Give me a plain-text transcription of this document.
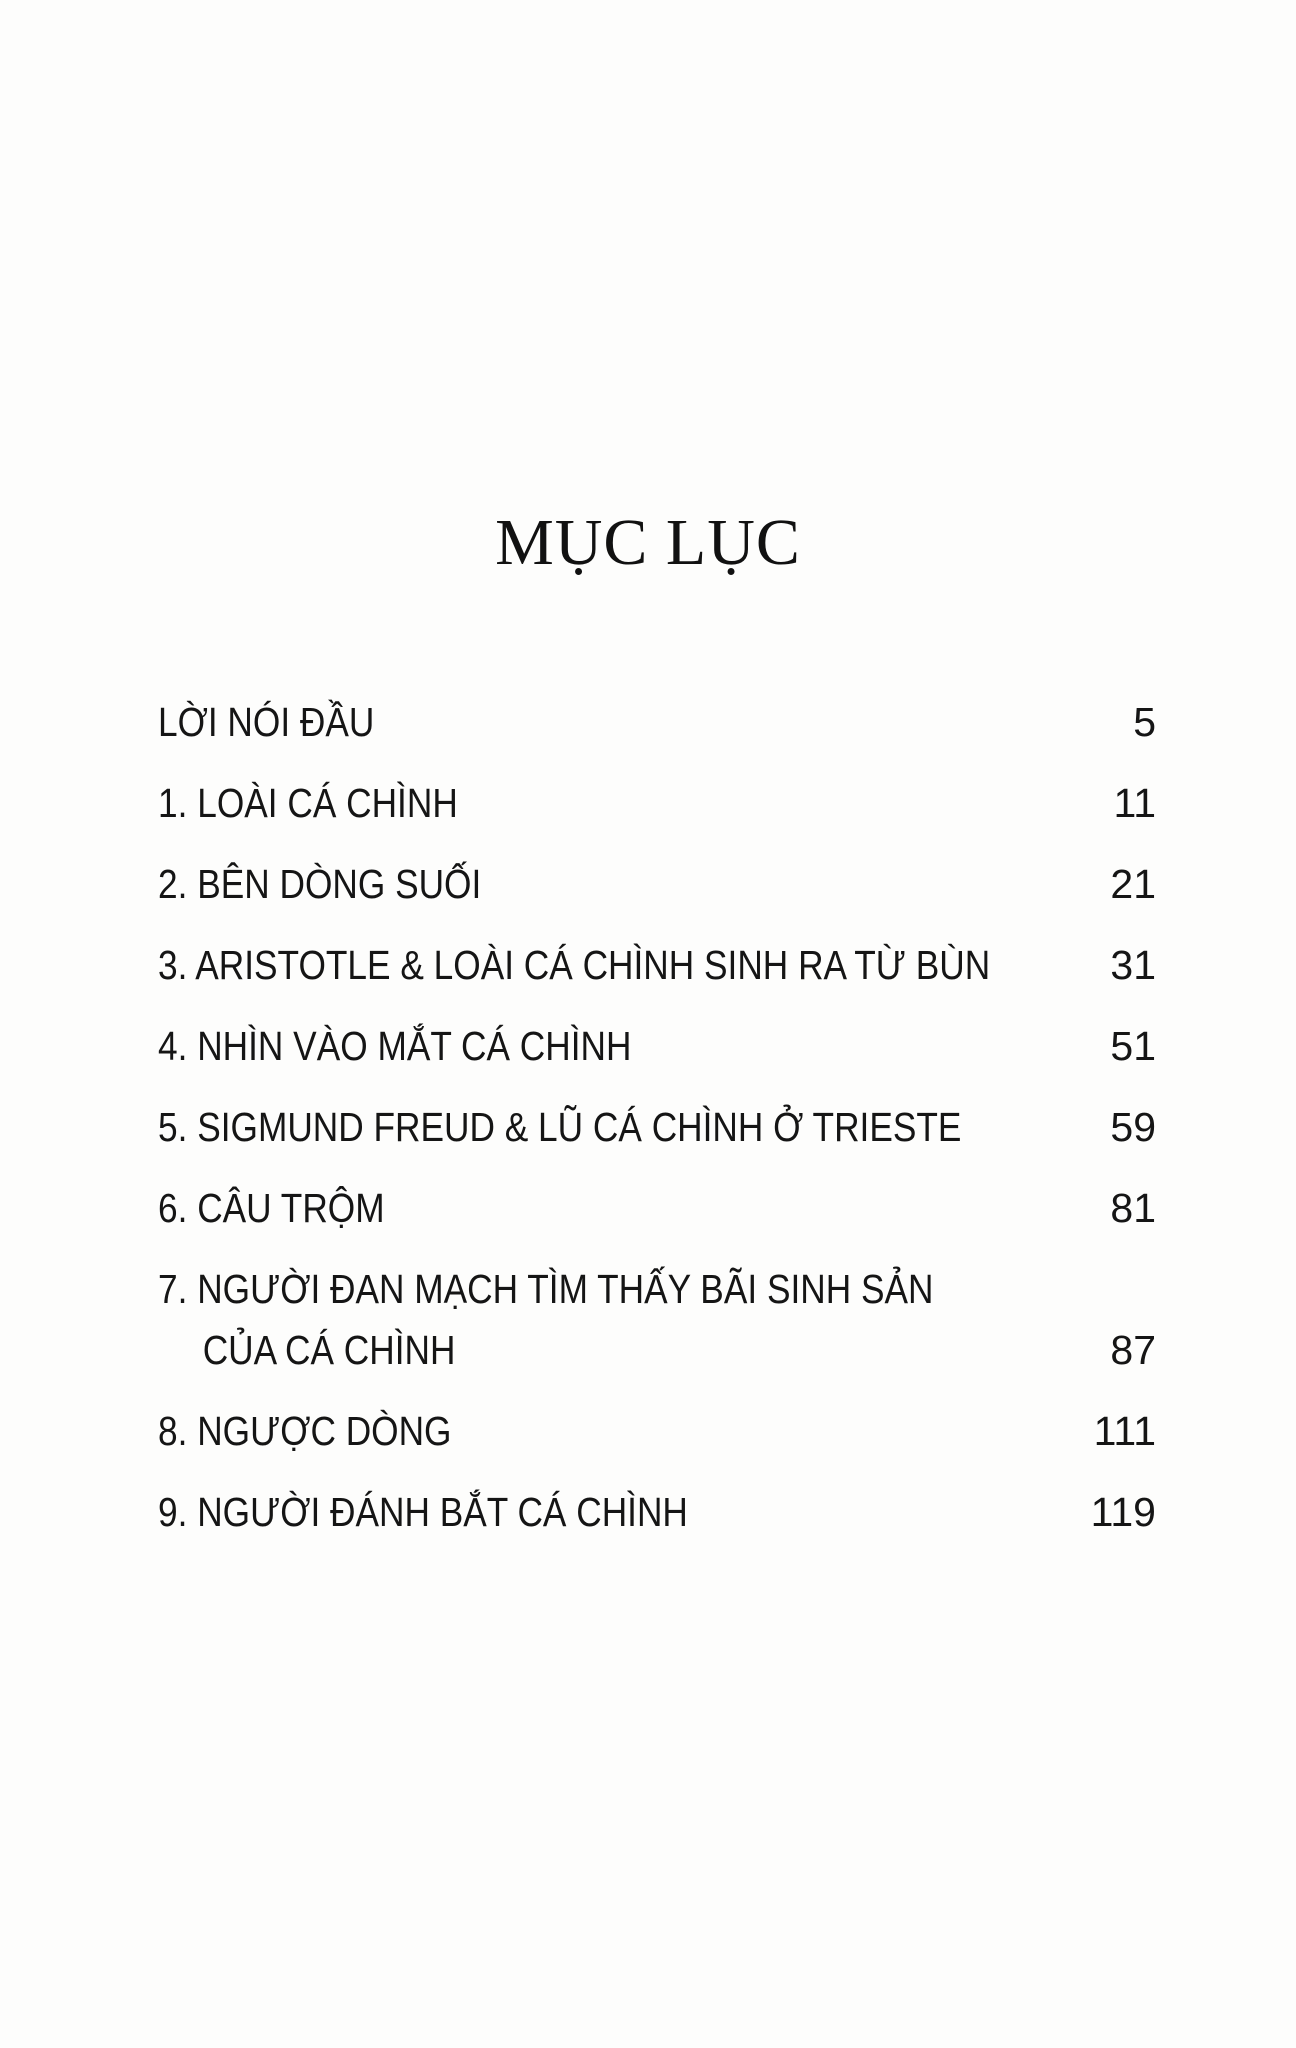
MỤC LỤC
LỜI NÓI ĐẦU	5
1. LOÀI CÁ CHÌNH	11
2. BÊN DÒNG SUỐI	21
3. ARISTOTLE & LOÀI CÁ CHÌNH SINH RA TỪ BÙN	31
4. NHÌN VÀO MẮT CÁ CHÌNH	51
5. SIGMUND FREUD & LŨ CÁ CHÌNH Ở TRIESTE	59
6. CÂU TRỘM	81
7. NGƯỜI ĐAN MẠCH TÌM THẤY BÃI SINH SẢN
CỦA CÁ CHÌNH	87
8. NGƯỢC DÒNG	111
9. NGƯỜI ĐÁNH BẮT CÁ CHÌNH	119
